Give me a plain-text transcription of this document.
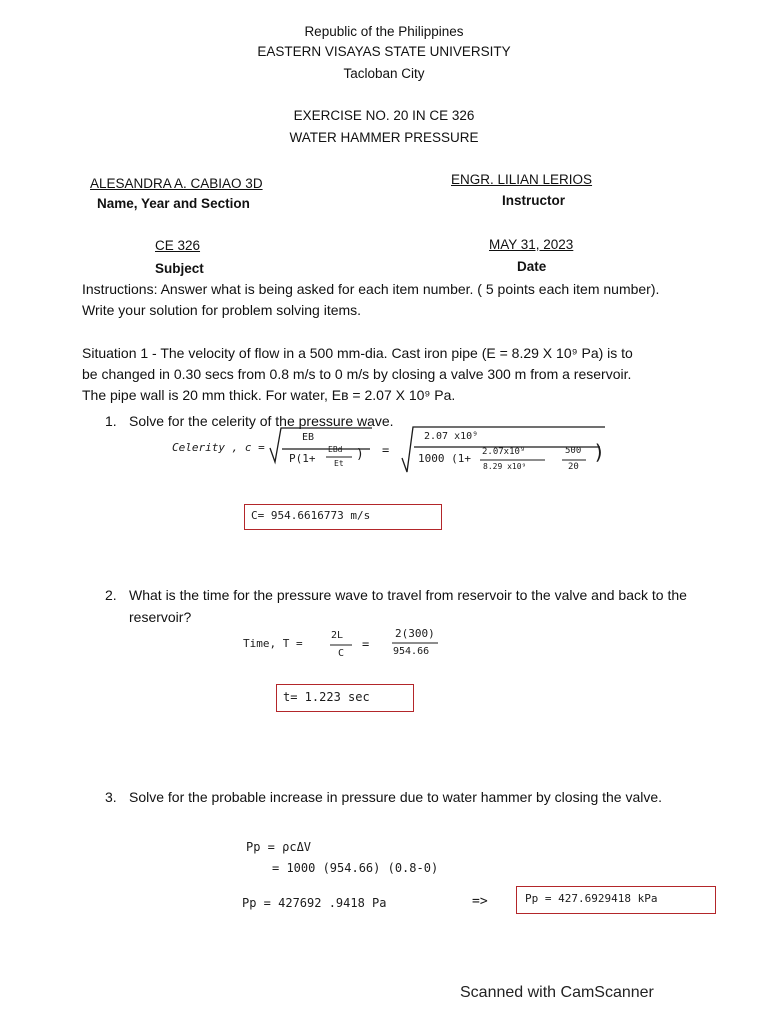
Republic of the Philippines
EASTERN VISAYAS STATE UNIVERSITY
Tacloban City
EXERCISE NO. 20 IN CE 326
WATER HAMMER PRESSURE
ALESANDRA A. CABIAO 3D
Name, Year and Section
ENGR. LILIAN LERIOS
Instructor
CE 326
Subject
MAY 31, 2023
Date
Instructions: Answer what is being asked for each item number. ( 5 points each item number). Write your solution for problem solving items.
Situation 1 - The velocity of flow in a 500 mm-dia. Cast iron pipe (E = 8.29 X 10⁹ Pa) is to
be changed in 0.30 secs from 0.8 m/s to 0 m/s by closing a valve 300 m from a reservoir.
The pipe wall is 20 mm thick. For water, Eʙ = 2.07 X 10⁹ Pa.
1. Solve for the celerity of the pressure wave.
Celerity , c =
EB
P(1+
EBd
Et
) =
2.07 x10⁹
1000 (1+ 2.07x10⁹
8.29 x10⁹
500
20
)
C= 954.6616773 m/s
2. What is the time for the pressure wave to travel from reservoir to the valve and back to the reservoir?
Time, T =
2L
C
=
2(300)
954.66
t= 1.223 sec
3. Solve for the probable increase in pressure due to water hammer by closing the valve.
Pp = ρcΔV
= 1000 (954.66) (0.8-0)
Pp = 427692 .9418 Pa	=>	Pp = 427.6929418 kPa
Scanned with CamScanner
